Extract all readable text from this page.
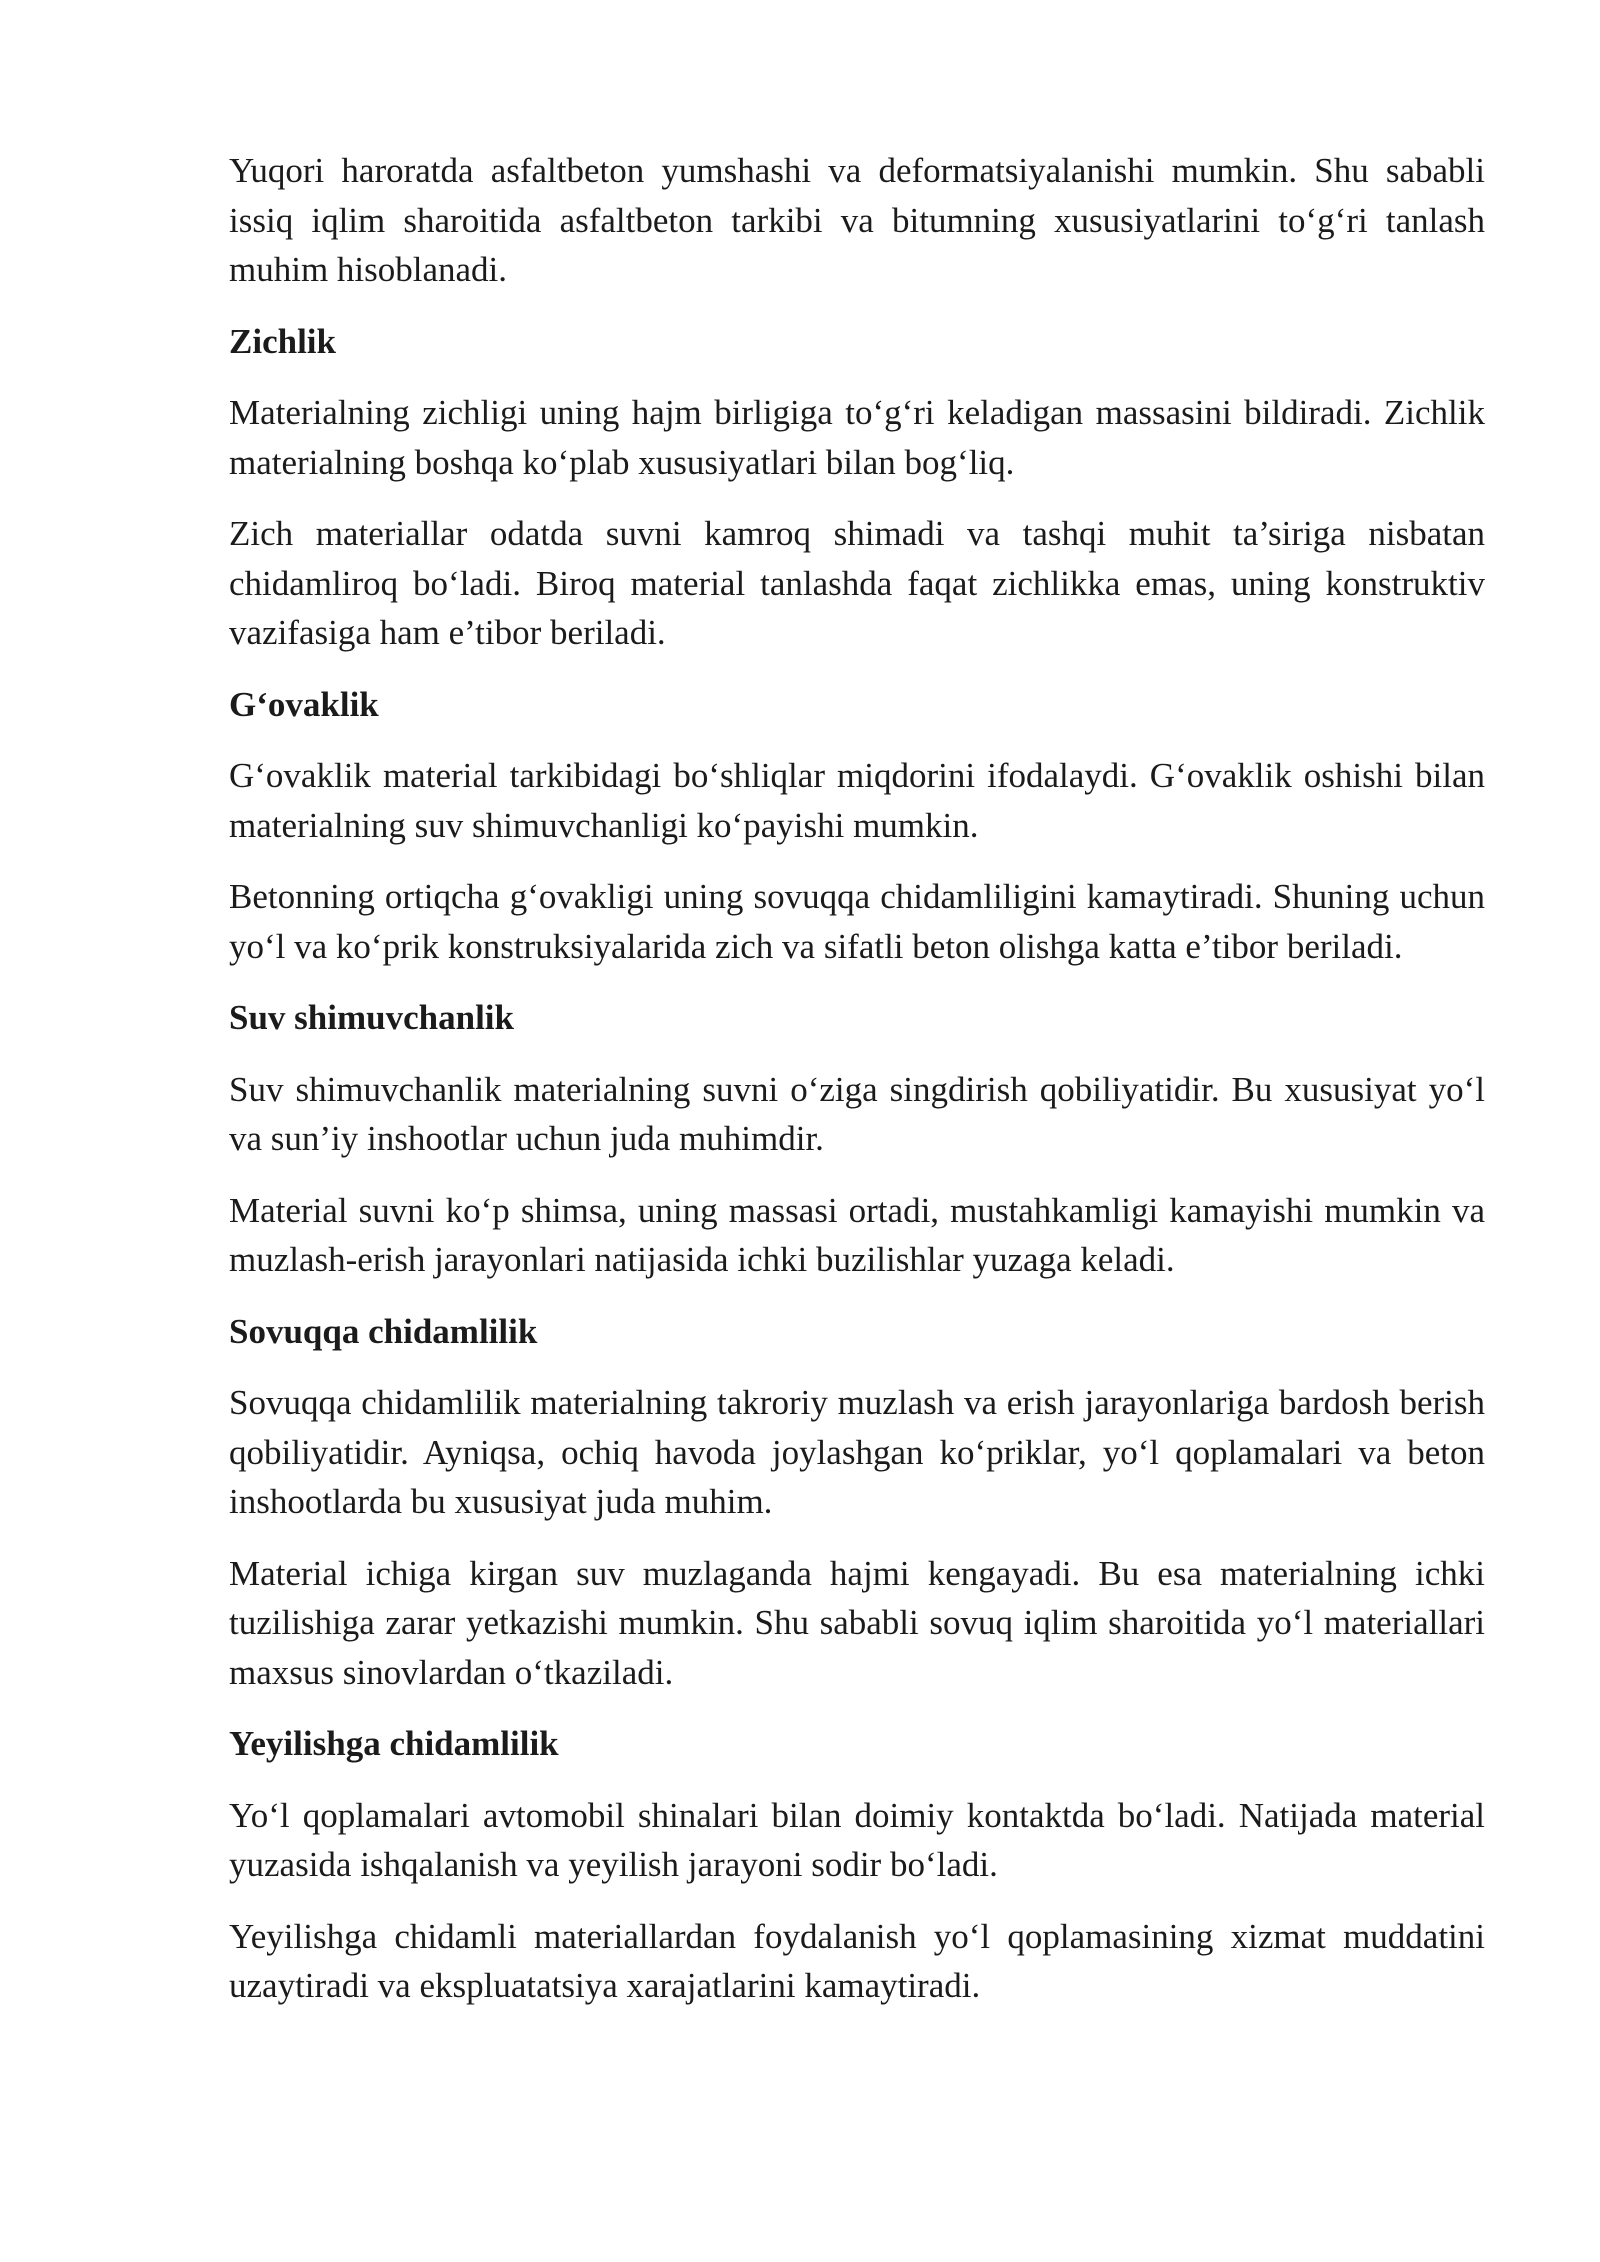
Yuqori haroratda asfaltbeton yumshashi va deformatsiyalanishi mumkin. Shu sababli issiq iqlim sharoitida asfaltbeton tarkibi va bitumning xususiyatlarini to‘g‘ri tanlash muhim hisoblanadi.

Zichlik

Materialning zichligi uning hajm birligiga to‘g‘ri keladigan massasini bildiradi. Zichlik materialning boshqa ko‘plab xususiyatlari bilan bog‘liq.

Zich materiallar odatda suvni kamroq shimadi va tashqi muhit ta’siriga nisbatan chidamliroq bo‘ladi. Biroq material tanlashda faqat zichlikka emas, uning konstruktiv vazifasiga ham e’tibor beriladi.

G‘ovaklik

G‘ovaklik material tarkibidagi bo‘shliqlar miqdorini ifodalaydi. G‘ovaklik oshishi bilan materialning suv shimuvchanligi ko‘payishi mumkin.

Betonning ortiqcha g‘ovakligi uning sovuqqa chidamliligini kamaytiradi. Shuning uchun yo‘l va ko‘prik konstruksiyalarida zich va sifatli beton olishga katta e’tibor beriladi.

Suv shimuvchanlik

Suv shimuvchanlik materialning suvni o‘ziga singdirish qobiliyatidir. Bu xususiyat yo‘l va sun’iy inshootlar uchun juda muhimdir.

Material suvni ko‘p shimsa, uning massasi ortadi, mustahkamligi kamayishi mumkin va muzlash-erish jarayonlari natijasida ichki buzilishlar yuzaga keladi.

Sovuqqa chidamlilik

Sovuqqa chidamlilik materialning takroriy muzlash va erish jarayonlariga bardosh berish qobiliyatidir. Ayniqsa, ochiq havoda joylashgan ko‘priklar, yo‘l qoplamalari va beton inshootlarda bu xususiyat juda muhim.

Material ichiga kirgan suv muzlaganda hajmi kengayadi. Bu esa materialning ichki tuzilishiga zarar yetkazishi mumkin. Shu sababli sovuq iqlim sharoitida yo‘l materiallari maxsus sinovlardan o‘tkaziladi.

Yeyilishga chidamlilik

Yo‘l qoplamalari avtomobil shinalari bilan doimiy kontaktda bo‘ladi. Natijada material yuzasida ishqalanish va yeyilish jarayoni sodir bo‘ladi.

Yeyilishga chidamli materiallardan foydalanish yo‘l qoplamasining xizmat muddatini uzaytiradi va ekspluatatsiya xarajatlarini kamaytiradi.
